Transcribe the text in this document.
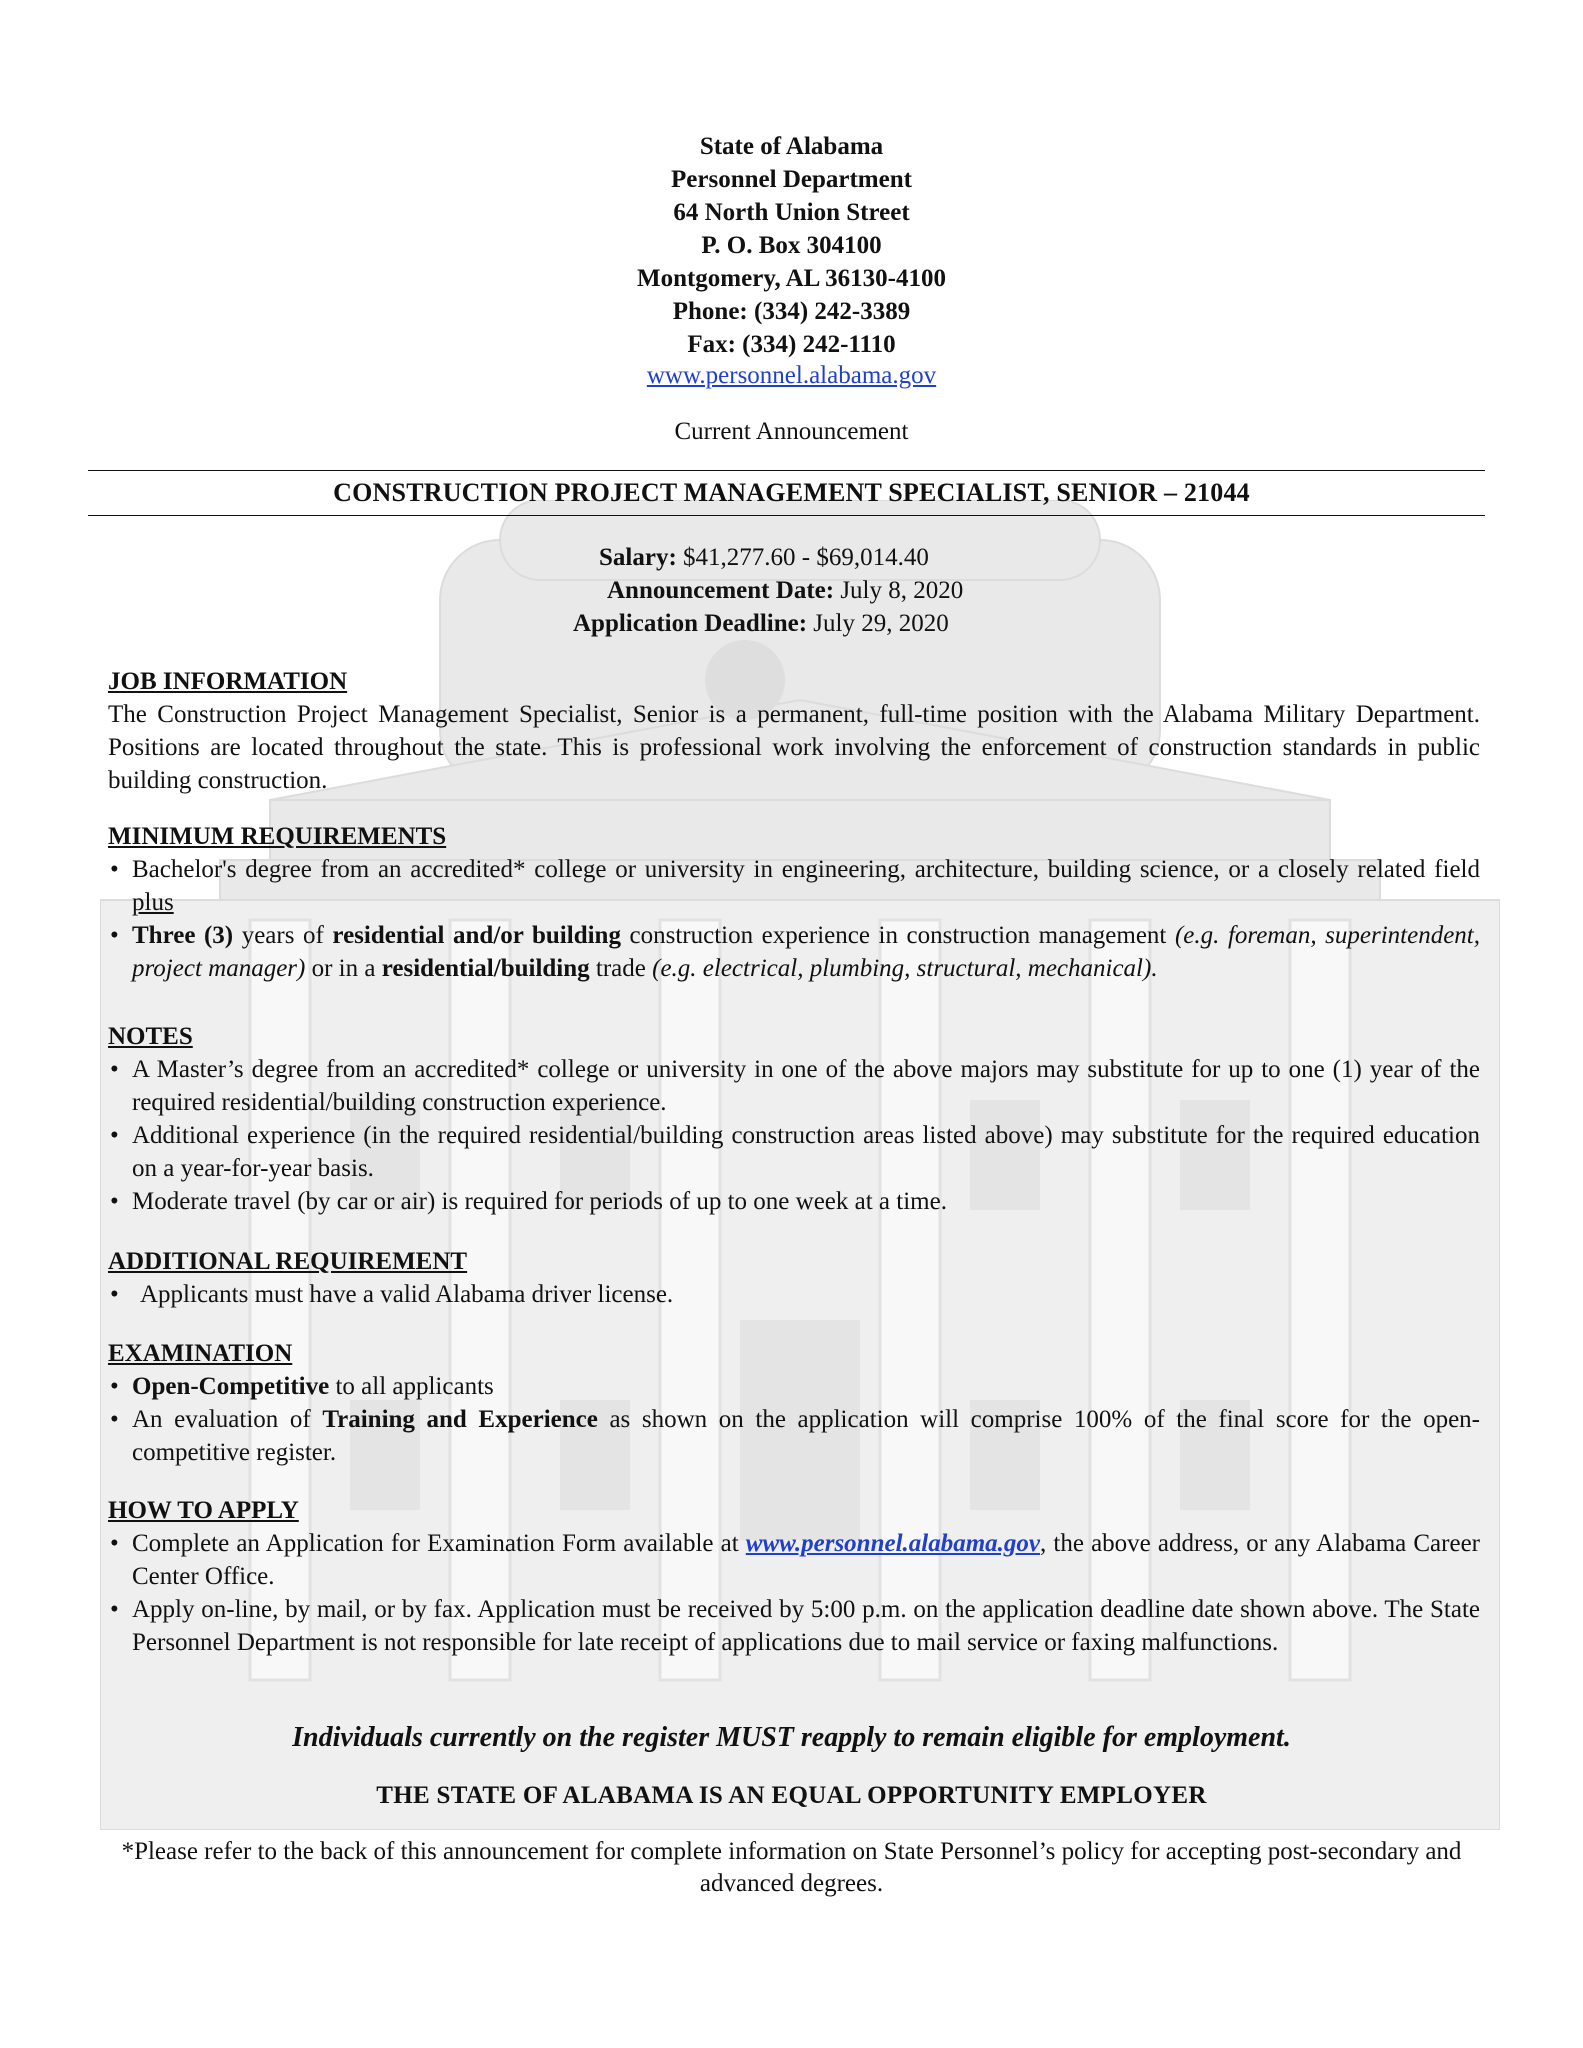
State of Alabama
Personnel Department
64 North Union Street
P. O. Box 304100
Montgomery, AL 36130-4100
Phone: (334) 242-3389
Fax: (334) 242-1110
www.personnel.alabama.gov
Current Announcement
CONSTRUCTION PROJECT MANAGEMENT SPECIALIST, SENIOR – 21044
Salary: $41,277.60 - $69,014.40
Announcement Date: July 8, 2020
Application Deadline: July 29, 2020
JOB INFORMATION

The Construction Project Management Specialist, Senior is a permanent, full-time position with the Alabama Military Department. Positions are located throughout the state. This is professional work involving the enforcement of construction standards in public building construction.

MINIMUM REQUIREMENTS
• Bachelor's degree from an accredited* college or university in engineering, architecture, building science, or a closely related field plus
• Three (3) years of residential and/or building construction experience in construction management (e.g. foreman, superintendent, project manager) or in a residential/building trade (e.g. electrical, plumbing, structural, mechanical).
NOTES
• A Master’s degree from an accredited* college or university in one of the above majors may substitute for up to one (1) year of the required residential/building construction experience.
• Additional experience (in the required residential/building construction areas listed above) may substitute for the required education on a year-for-year basis.
• Moderate travel (by car or air) is required for periods of up to one week at a time.
ADDITIONAL REQUIREMENT
• Applicants must have a valid Alabama driver license.
EXAMINATION
• Open-Competitive to all applicants
• An evaluation of Training and Experience as shown on the application will comprise 100% of the final score for the open-competitive register.
HOW TO APPLY
• Complete an Application for Examination Form available at www.personnel.alabama.gov, the above address, or any Alabama Career Center Office.
• Apply on-line, by mail, or by fax. Application must be received by 5:00 p.m. on the application deadline date shown above. The State Personnel Department is not responsible for late receipt of applications due to mail service or faxing malfunctions.
Individuals currently on the register MUST reapply to remain eligible for employment.
THE STATE OF ALABAMA IS AN EQUAL OPPORTUNITY EMPLOYER
*Please refer to the back of this announcement for complete information on State Personnel’s policy for accepting post-secondary and advanced degrees.
